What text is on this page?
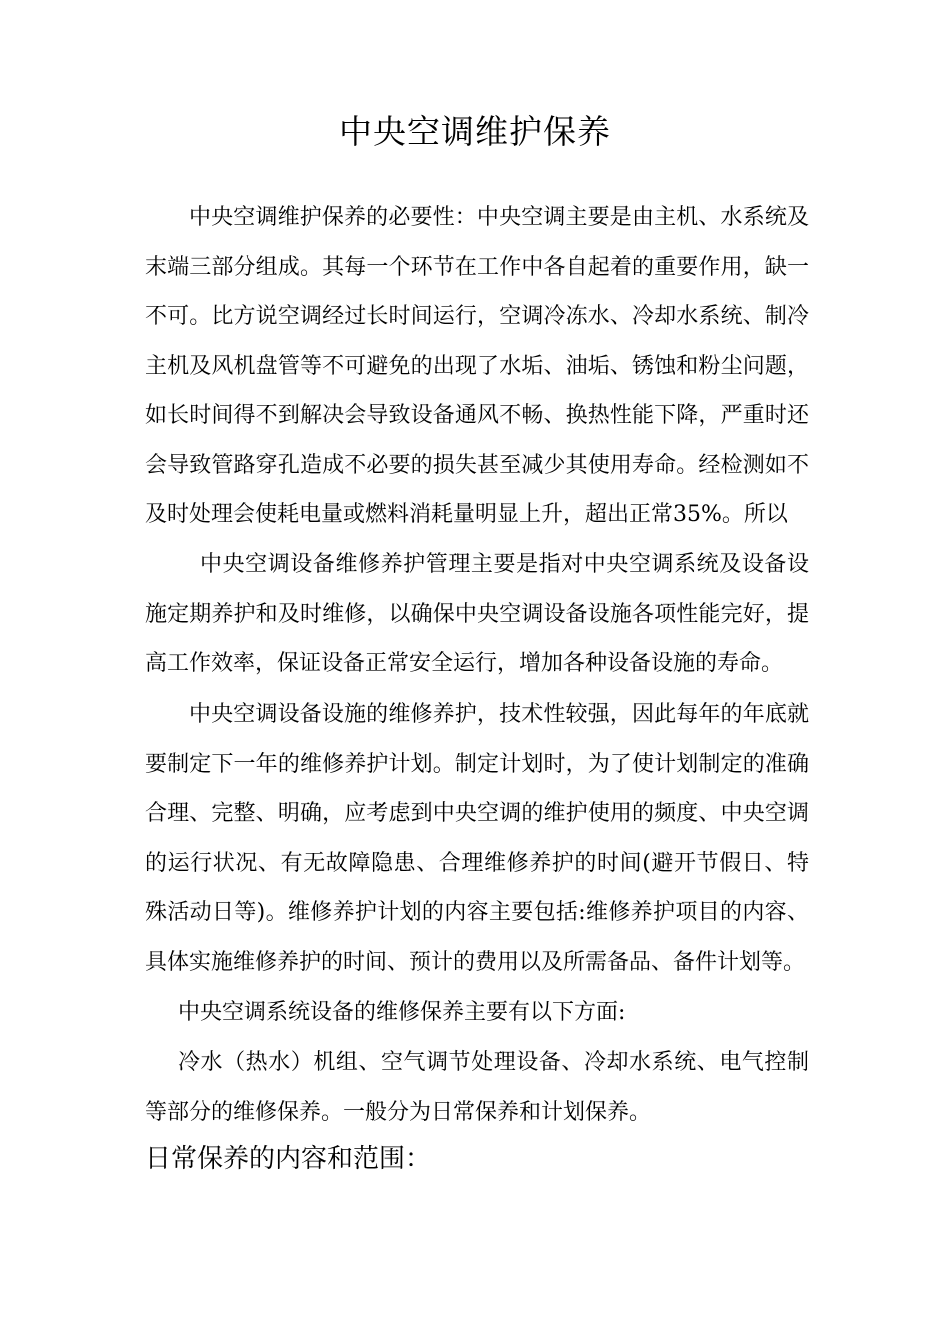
中央空调维护保养

中央空调维护保养的必要性：中央空调主要是由主机、水系统及末端三部分组成。其每一个环节在工作中各自起着的重要作用，缺一不可。比方说空调经过长时间运行，空调冷冻水、冷却水系统、制冷主机及风机盘管等不可避免的出现了水垢、油垢、锈蚀和粉尘问题，如长时间得不到解决会导致设备通风不畅、换热性能下降，严重时还会导致管路穿孔造成不必要的损失甚至减少其使用寿命。经检测如不及时处理会使耗电量或燃料消耗量明显上升，超出正常35%。所以

中央空调设备维修养护管理主要是指对中央空调系统及设备设施定期养护和及时维修，以确保中央空调设备设施各项性能完好，提高工作效率，保证设备正常安全运行，增加各种设备设施的寿命。

中央空调设备设施的维修养护，技术性较强，因此每年的年底就要制定下一年的维修养护计划。制定计划时，为了使计划制定的准确合理、完整、明确，应考虑到中央空调的维护使用的频度、中央空调的运行状况、有无故障隐患、合理维修养护的时间(避开节假日、特殊活动日等)。维修养护计划的内容主要包括:维修养护项目的内容、具体实施维修养护的时间、预计的费用以及所需备品、备件计划等。

中央空调系统设备的维修保养主要有以下方面:

冷水（热水）机组、空气调节处理设备、冷却水系统、电气控制等部分的维修保养。一般分为日常保养和计划保养。

日常保养的内容和范围：
